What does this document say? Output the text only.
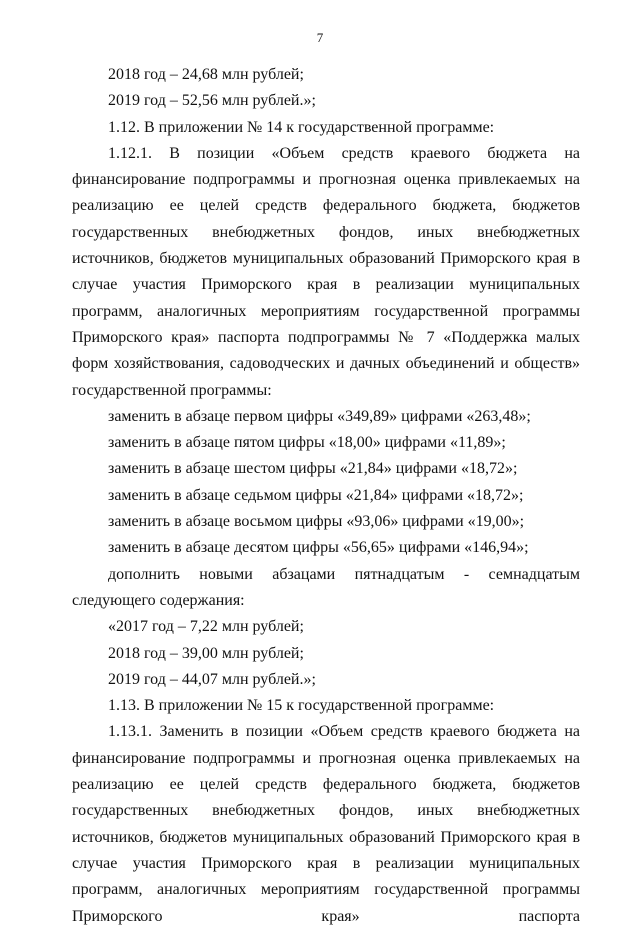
7

2018 год – 24,68 млн рублей;

2019 год – 52,56 млн рублей.»;

1.12. В приложении № 14 к государственной программе:

1.12.1. В позиции «Объем средств краевого бюджета на финансирование подпрограммы и прогнозная оценка привлекаемых на реализацию ее целей средств федерального бюджета, бюджетов государственных внебюджетных фондов, иных внебюджетных источников, бюджетов муниципальных образований Приморского края в случае участия Приморского края в реализации муниципальных программ, аналогичных мероприятиям государственной программы Приморского края» паспорта подпрограммы № 7 «Поддержка малых форм хозяйствования, садоводческих и дачных объединений и обществ» государственной программы:

заменить в абзаце первом цифры «349,89» цифрами «263,48»;

заменить в абзаце пятом цифры «18,00» цифрами «11,89»;

заменить в абзаце шестом цифры «21,84» цифрами «18,72»;

заменить в абзаце седьмом цифры «21,84» цифрами «18,72»;

заменить в абзаце восьмом цифры «93,06» цифрами «19,00»;

заменить в абзаце десятом цифры «56,65» цифрами «146,94»;

дополнить новыми абзацами пятнадцатым - семнадцатым следующего содержания:

«2017 год – 7,22 млн рублей;

2018 год – 39,00 млн рублей;

2019 год – 44,07 млн рублей.»;

1.13. В приложении № 15 к государственной программе:

1.13.1. Заменить в позиции «Объем средств краевого бюджета на финансирование подпрограммы и прогнозная оценка привлекаемых на реализацию ее целей средств федерального бюджета, бюджетов государственных внебюджетных фондов, иных внебюджетных источников, бюджетов муниципальных образований Приморского края в случае участия Приморского края в реализации муниципальных программ, аналогичных мероприятиям государственной программы Приморского края» паспорта
